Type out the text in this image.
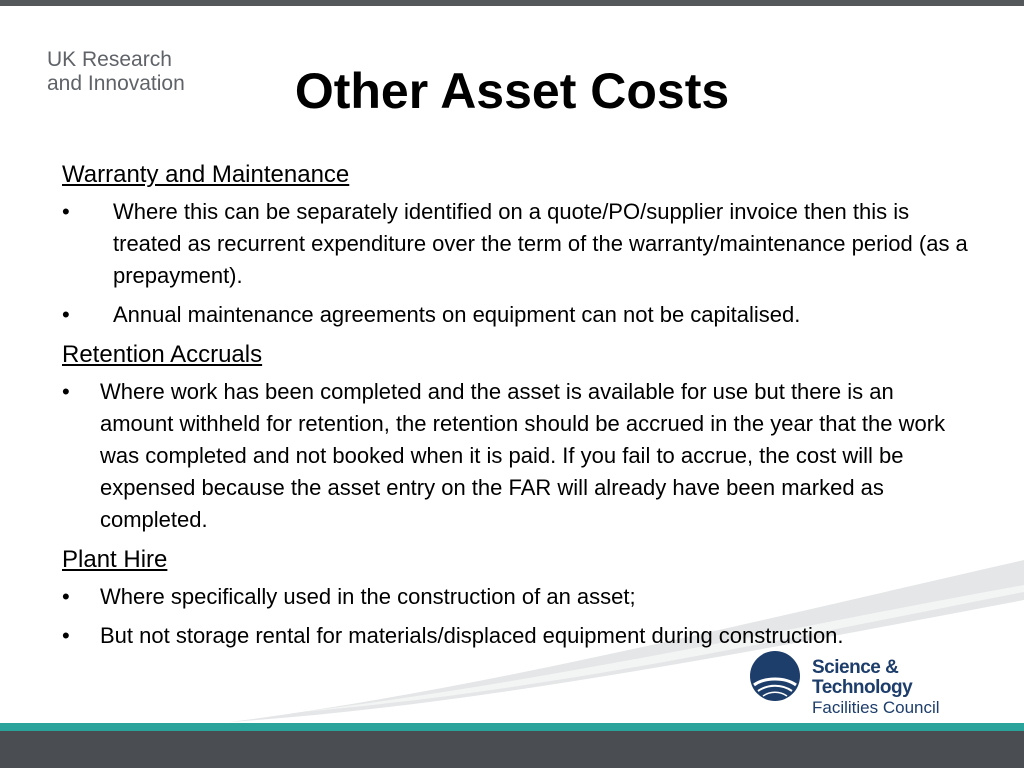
UK Research
and Innovation	Other Asset Costs
Warranty and Maintenance
• Where this can be separately identified on a quote/PO/supplier invoice then this is treated as recurrent expenditure over the term of the warranty/maintenance period (as a prepayment).
• Annual maintenance agreements on equipment can not be capitalised.
Retention Accruals
• Where work has been completed and the asset is available for use but there is an amount withheld for retention, the retention should be accrued in the year that the work was completed and not booked when it is paid. If you fail to accrue, the cost will be expensed because the asset entry on the FAR will already have been marked as completed.
Plant Hire
• Where specifically used in the construction of an asset;
• But not storage rental for materials/displaced equipment during construction.
Science & Technology
Facilities Council
